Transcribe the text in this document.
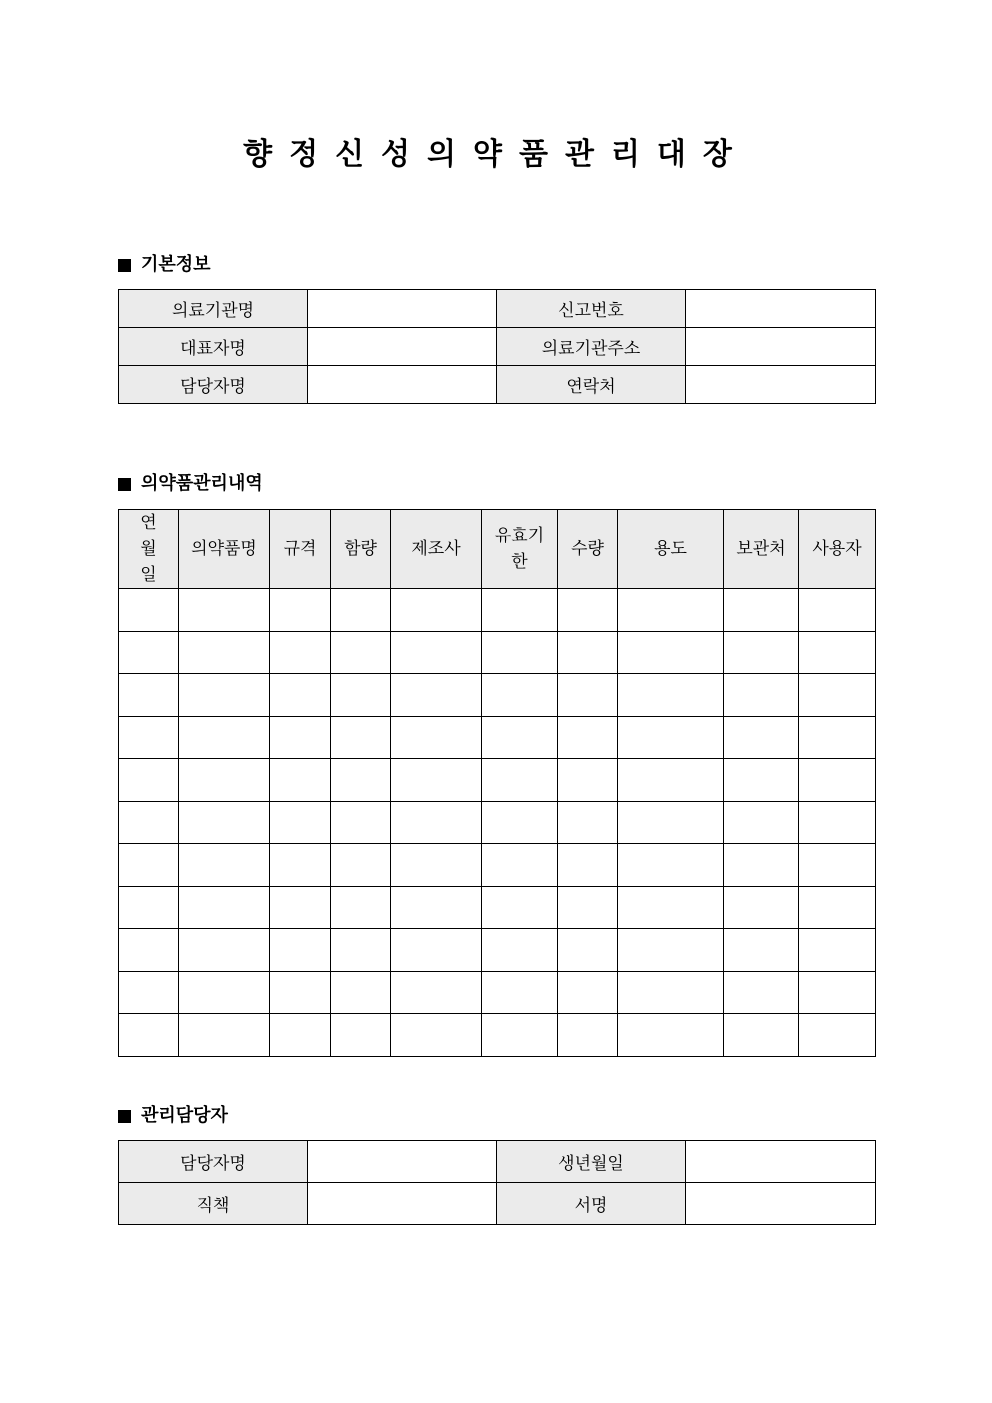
향정신성의약품관리대장
기본정보
의료기관명		신고번호	
대표자명		의료기관주소	
담당자명		연락처	
의약품관리내역
연월일	의약품명	규격	함량	제조사	유효기한	수량	용도	보관처	사용자

관리담당자
담당자명		생년월일	
직책		서명	
